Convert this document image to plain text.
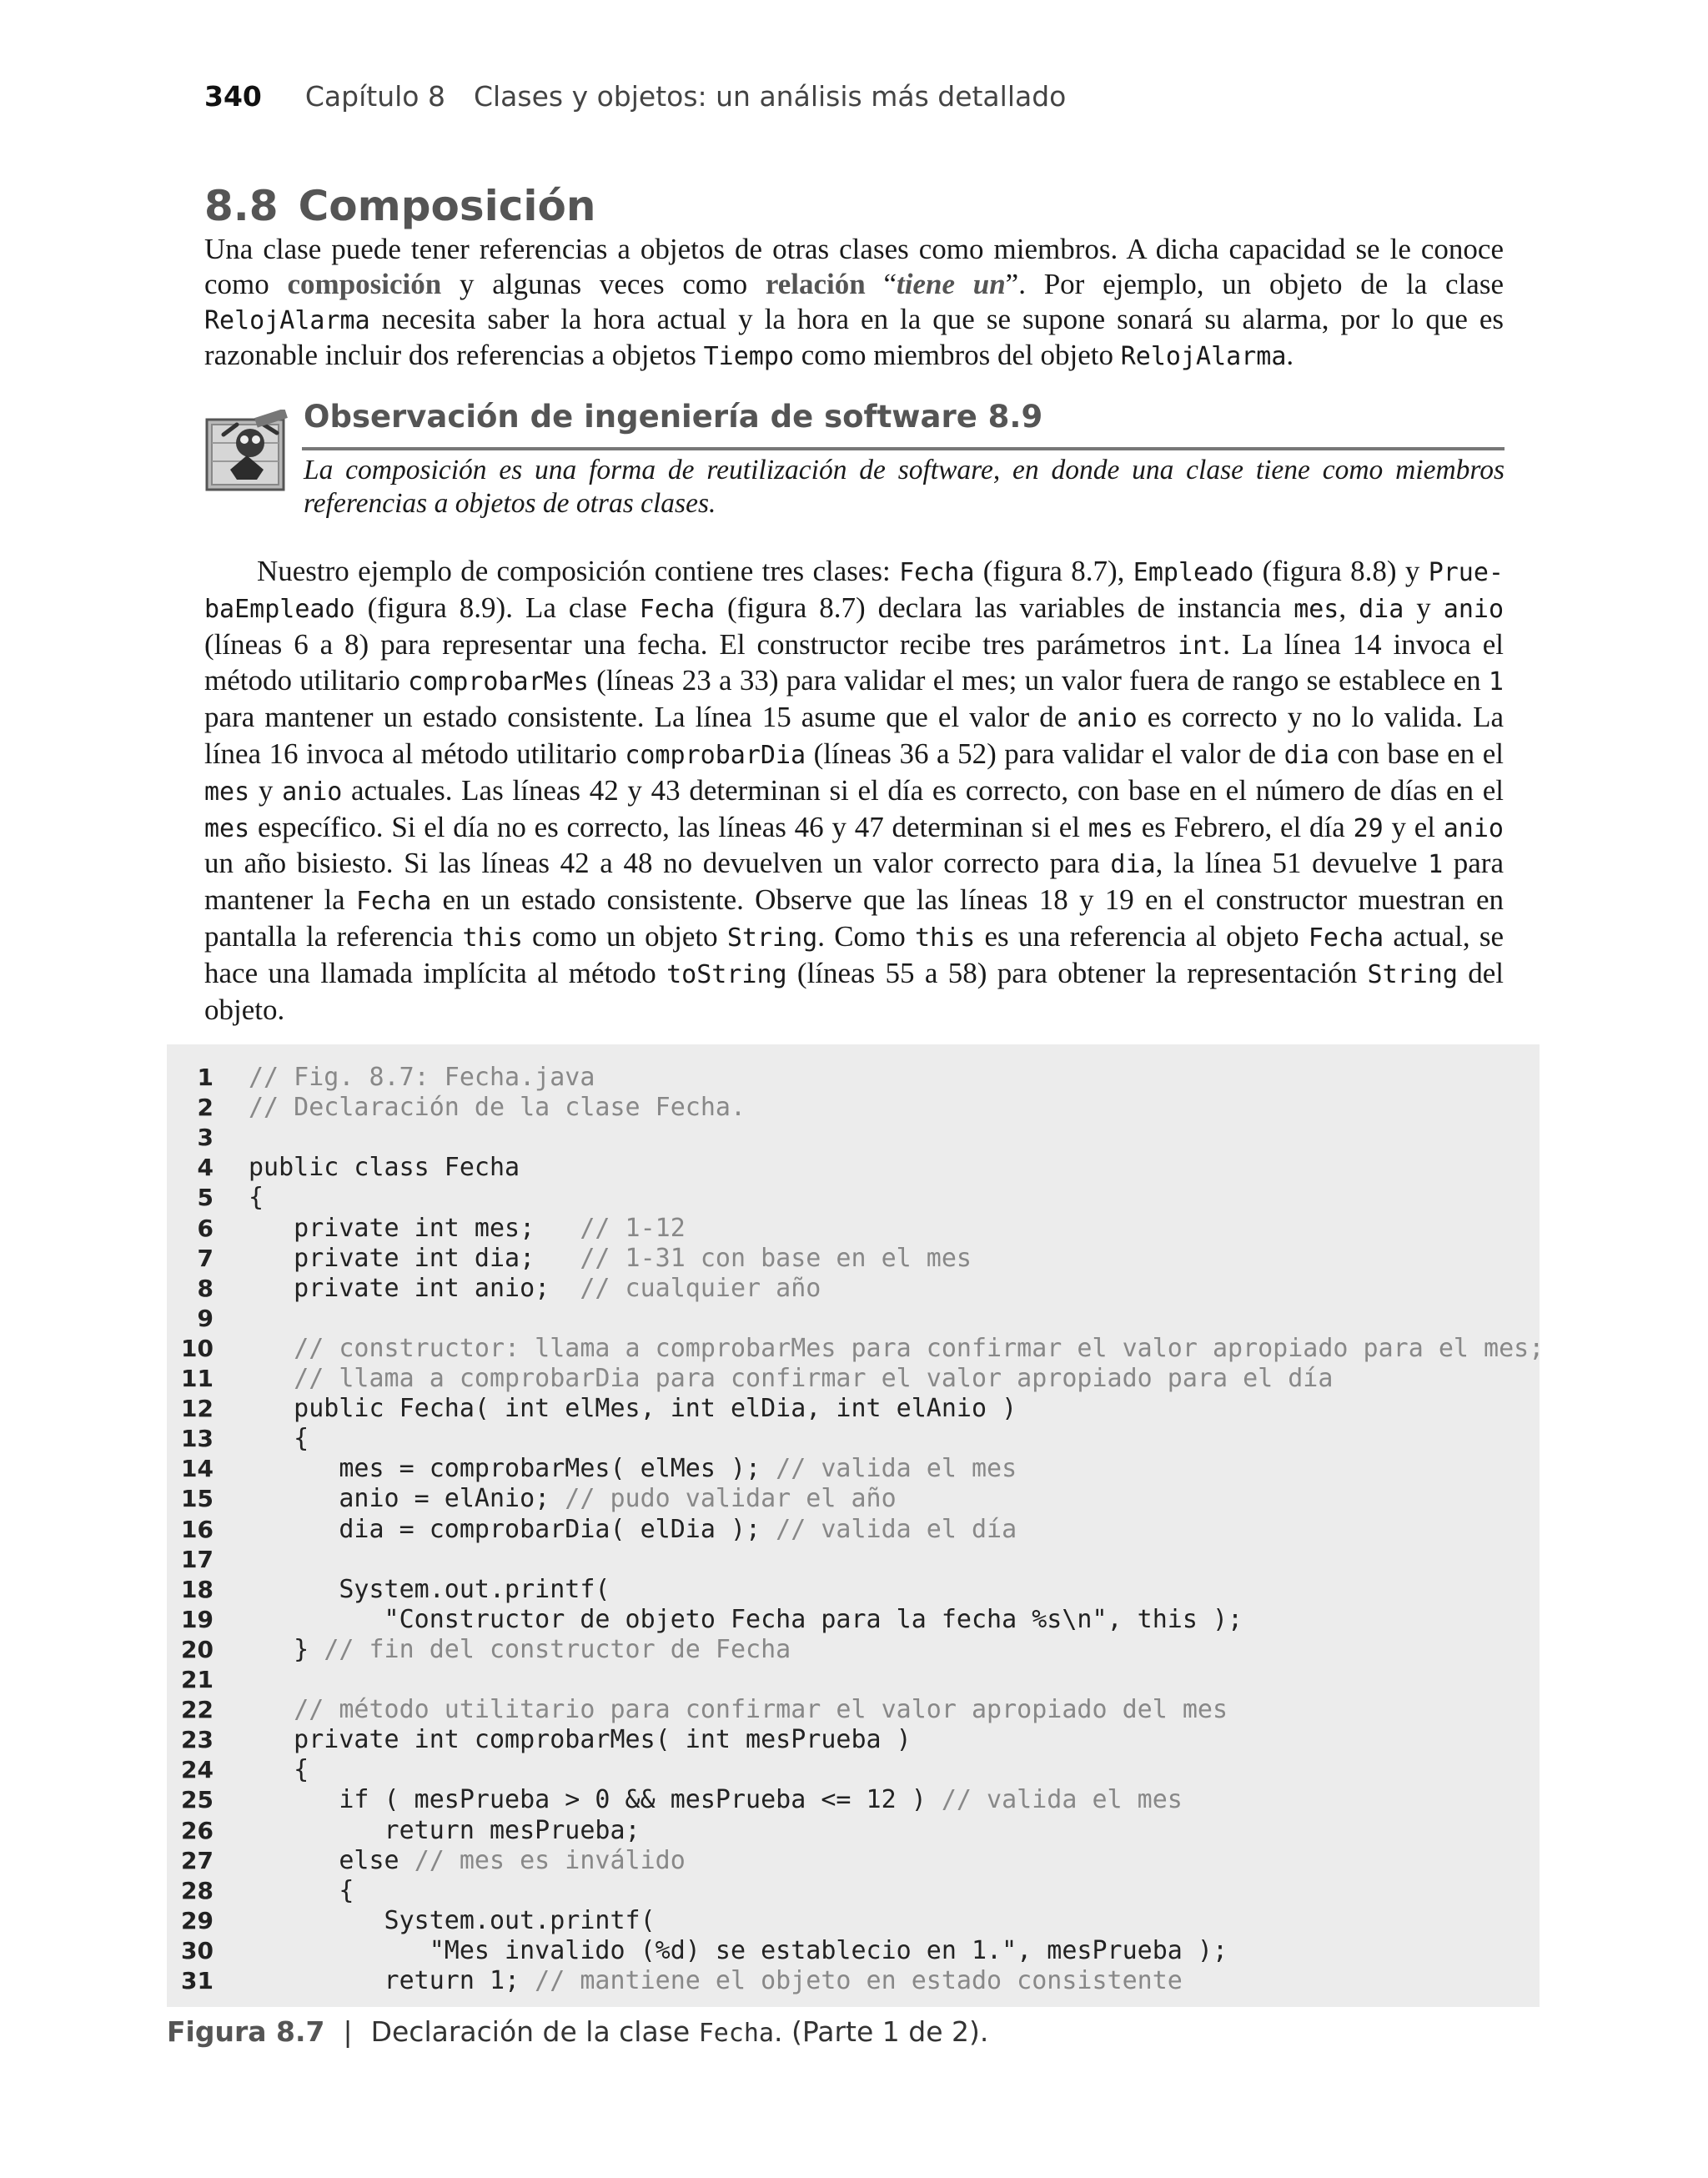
340 Capítulo 8 Clases y objetos: un análisis más detallado
8.8 Composición

Una clase puede tener referencias a objetos de otras clases como miembros. A dicha capacidad se le conoce como composición y algunas veces como relación “tiene un”. Por ejemplo, un objeto de la clase RelojAlarma necesita saber la hora actual y la hora en la que se supone sonará su alarma, por lo que es razonable incluir dos referencias a objetos Tiempo como miembros del objeto RelojAlarma.

Observación de ingeniería de software 8.9

La composición es una forma de reutilización de software, en donde una clase tiene como miembros referencias a objetos de otras clases.

Nuestro ejemplo de composición contiene tres clases: Fecha (figura 8.7), Empleado (figura 8.8) y Prue-baEmpleado (figura 8.9). La clase Fecha (figura 8.7) declara las variables de instancia mes, dia y anio (líneas 6 a 8) para representar una fecha. El constructor recibe tres parámetros int. La línea 14 invoca el método utilitario comprobarMes (líneas 23 a 33) para validar el mes; un valor fuera de rango se establece en 1 para mantener un estado consistente. La línea 15 asume que el valor de anio es correcto y no lo valida. La línea 16 invoca al método utilitario comprobarDia (líneas 36 a 52) para validar el valor de dia con base en el mes y anio actuales. Las líneas 42 y 43 determinan si el día es correcto, con base en el número de días en el mes específico. Si el día no es correcto, las líneas 46 y 47 determinan si el mes es Febrero, el día 29 y el anio un año bisiesto. Si las líneas 42 a 48 no devuelven un valor correcto para dia, la línea 51 devuelve 1 para mantener la Fecha en un estado consistente. Observe que las líneas 18 y 19 en el constructor muestran en pantalla la referencia this como un objeto String. Como this es una referencia al objeto Fecha actual, se hace una llamada implícita al método toString (líneas 55 a 58) para obtener la representación String del objeto.

1 // Fig. 8.7: Fecha.java
2 // Declaración de la clase Fecha.
3
4 public class Fecha
5 {
6 private int mes;   // 1-12
7 private int dia;   // 1-31 con base en el mes
8 private int anio;  // cualquier año
9
10	// constructor: llama a comprobarMes para confirmar el valor apropiado para el mes;
11	// llama a comprobarDia para confirmar el valor apropiado para el día
12 public Fecha( int elMes, int elDia, int elAnio )
13 {
14 mes = comprobarMes( elMes ); // valida el mes
15 anio = elAnio; // pudo validar el año
16 dia = comprobarDia( elDia ); // valida el día
17
18 System.out.printf(
19 "Constructor de objeto Fecha para la fecha %s\n", this );
20 } // fin del constructor de Fecha
21
22	// método utilitario para confirmar el valor apropiado del mes
23 private int comprobarMes( int mesPrueba )
24 {
25 if ( mesPrueba > 0 && mesPrueba <= 12 ) // valida el mes
26 return mesPrueba;
27 else // mes es inválido
28 {
29 System.out.printf(
30 "Mes invalido (%d) se establecio en 1.", mesPrueba );
31 return 1; // mantiene el objeto en estado consistente
Figura 8.7 | Declaración de la clase Fecha. (Parte 1 de 2).
